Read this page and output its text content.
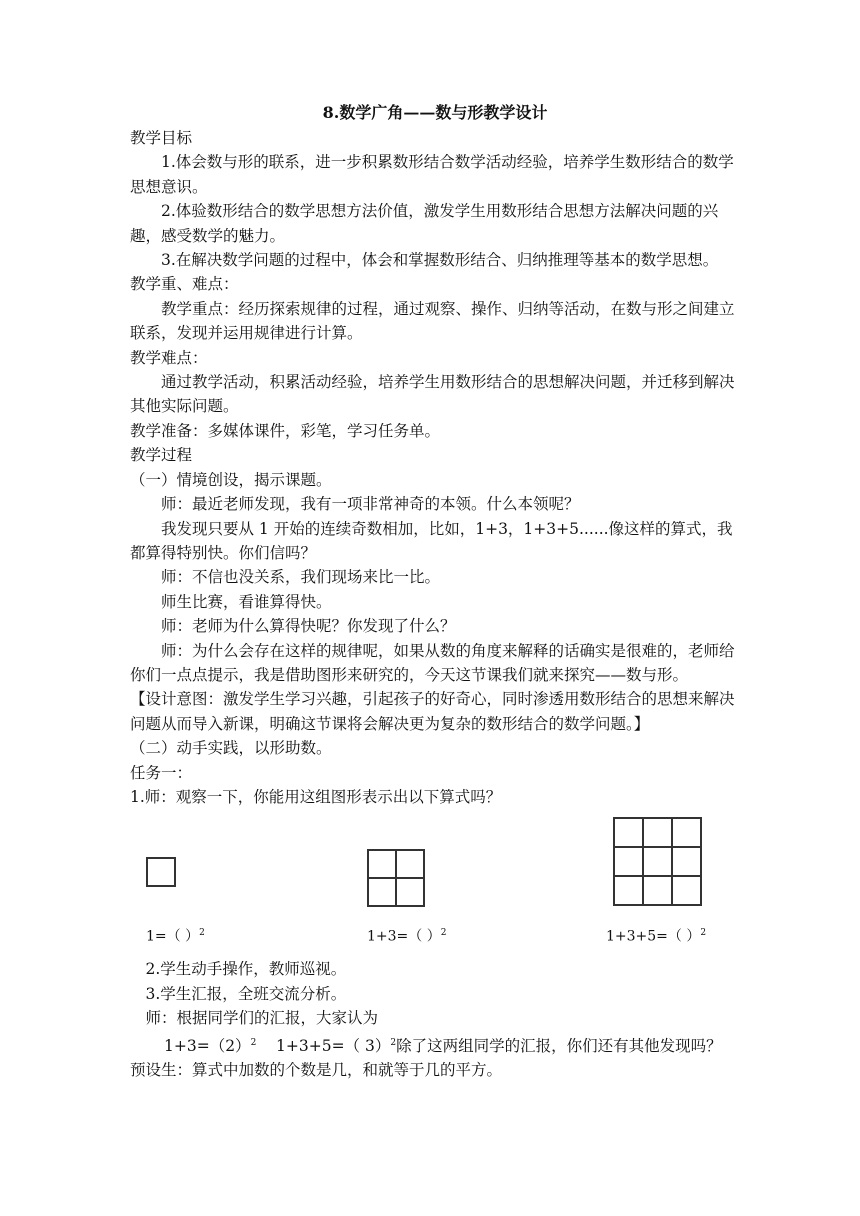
8.数学广角——数与形教学设计
教学目标
1.体会数与形的联系，进一步积累数形结合数学活动经验，培养学生数形结合的数学思想意识。
2.体验数形结合的数学思想方法价值，激发学生用数形结合思想方法解决问题的兴趣，感受数学的魅力。
3.在解决数学问题的过程中，体会和掌握数形结合、归纳推理等基本的数学思想。
教学重、难点：
教学重点：经历探索规律的过程，通过观察、操作、归纳等活动，在数与形之间建立联系，发现并运用规律进行计算。
教学难点：
通过教学活动，积累活动经验，培养学生用数形结合的思想解决问题，并迁移到解决其他实际问题。
教学准备：多媒体课件，彩笔，学习任务单。
教学过程
（一）情境创设，揭示课题。
师：最近老师发现，我有一项非常神奇的本领。什么本领呢？
我发现只要从 1 开始的连续奇数相加，比如，1+3，1+3+5......像这样的算式，我都算得特别快。你们信吗？
师：不信也没关系，我们现场来比一比。
师生比赛，看谁算得快。
师：老师为什么算得快呢？你发现了什么？
师：为什么会存在这样的规律呢，如果从数的角度来解释的话确实是很难的，老师给你们一点点提示，我是借助图形来研究的，今天这节课我们就来探究——数与形。
【设计意图：激发学生学习兴趣，引起孩子的好奇心，同时渗透用数形结合的思想来解决问题从而导入新课，明确这节课将会解决更为复杂的数形结合的数学问题。】
（二）动手实践，以形助数。
任务一：
1.师：观察一下，你能用这组图形表示出以下算式吗？
1=（ ）$^2$	1+3=（ ）$^2$	1+3+5=（ ）$^2$
2.学生动手操作，教师巡视。
3.学生汇报，全班交流分析。
师：根据同学们的汇报，大家认为
$1+3=(2)^2$ 1+3+5=（ 3）$^2$除了这两组同学的汇报，你们还有其他发现吗？
预设生：算式中加数的个数是几，和就等于几的平方。
